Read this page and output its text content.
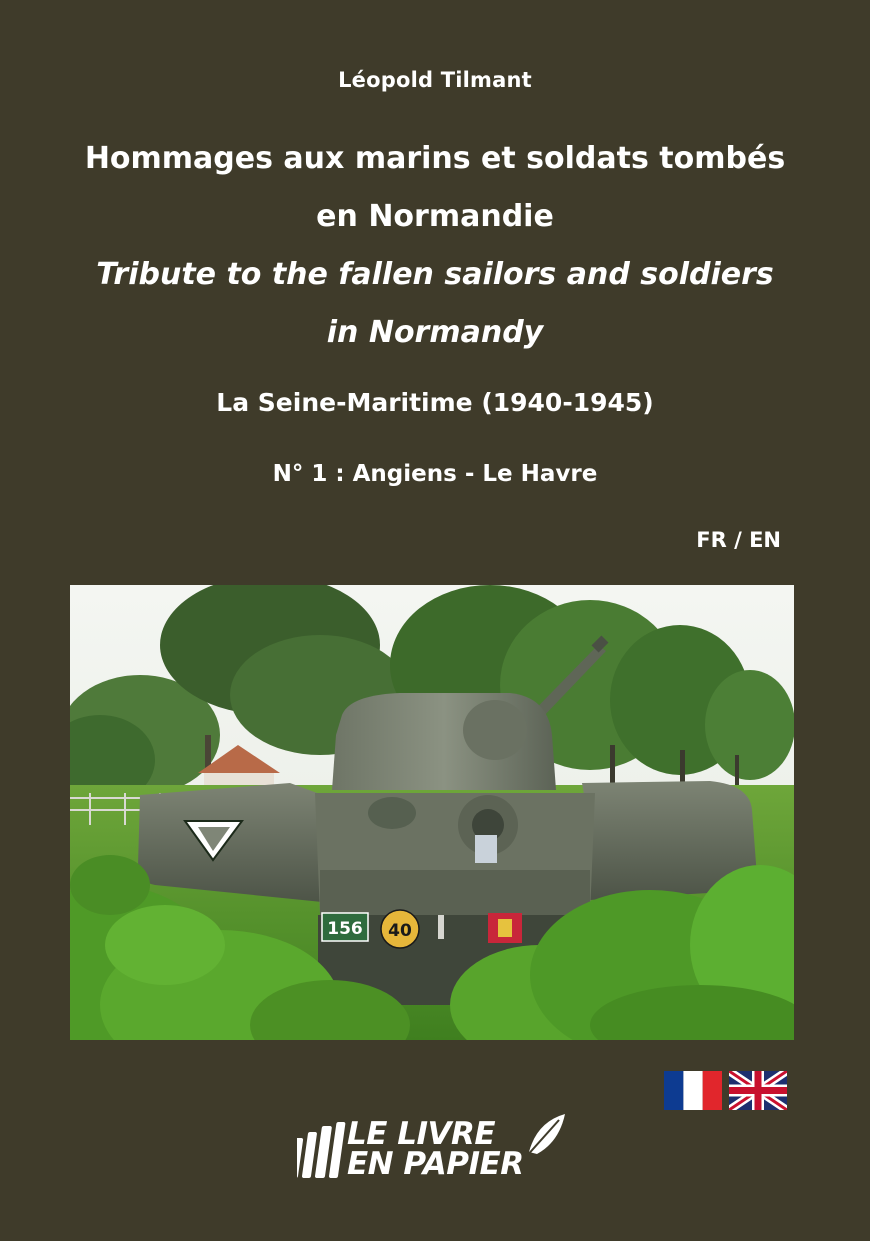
Léopold Tilmant
Hommages aux marins et soldats tombés
en Normandie
Tribute to the fallen sailors and soldiers
in Normandy
La Seine-Maritime (1940-1945)
N° 1 : Angiens - Le Havre
FR / EN
156 40
LE LIVRE
EN PAPIER
